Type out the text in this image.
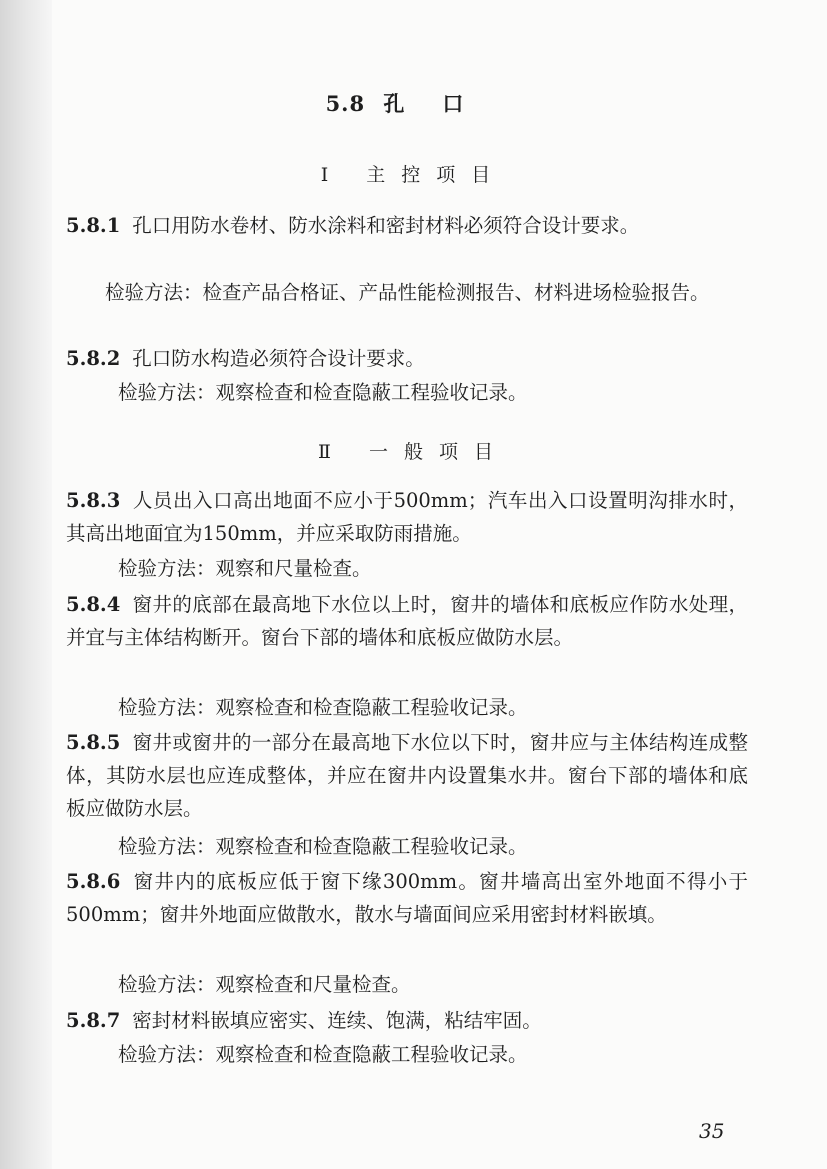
5.8 孔口
Ⅰ 主控项目
5.8.1 孔口用防水卷材、防水涂料和密封材料必须符合设计要求。
检验方法：检查产品合格证、产品性能检测报告、材料进场检验报告。
5.8.2 孔口防水构造必须符合设计要求。
检验方法：观察检查和检查隐蔽工程验收记录。
Ⅱ 一般项目
5.8.3 人员出入口高出地面不应小于500mm；汽车出入口设置明沟排水时，其高出地面宜为150mm，并应采取防雨措施。
检验方法：观察和尺量检查。
5.8.4 窗井的底部在最高地下水位以上时，窗井的墙体和底板应作防水处理，并宜与主体结构断开。窗台下部的墙体和底板应做防水层。
检验方法：观察检查和检查隐蔽工程验收记录。
5.8.5 窗井或窗井的一部分在最高地下水位以下时，窗井应与主体结构连成整体，其防水层也应连成整体，并应在窗井内设置集水井。窗台下部的墙体和底板应做防水层。
检验方法：观察检查和检查隐蔽工程验收记录。
5.8.6 窗井内的底板应低于窗下缘300mm。窗井墙高出室外地面不得小于500mm；窗井外地面应做散水，散水与墙面间应采用密封材料嵌填。
检验方法：观察检查和尺量检查。
5.8.7 密封材料嵌填应密实、连续、饱满，粘结牢固。
检验方法：观察检查和检查隐蔽工程验收记录。
35
